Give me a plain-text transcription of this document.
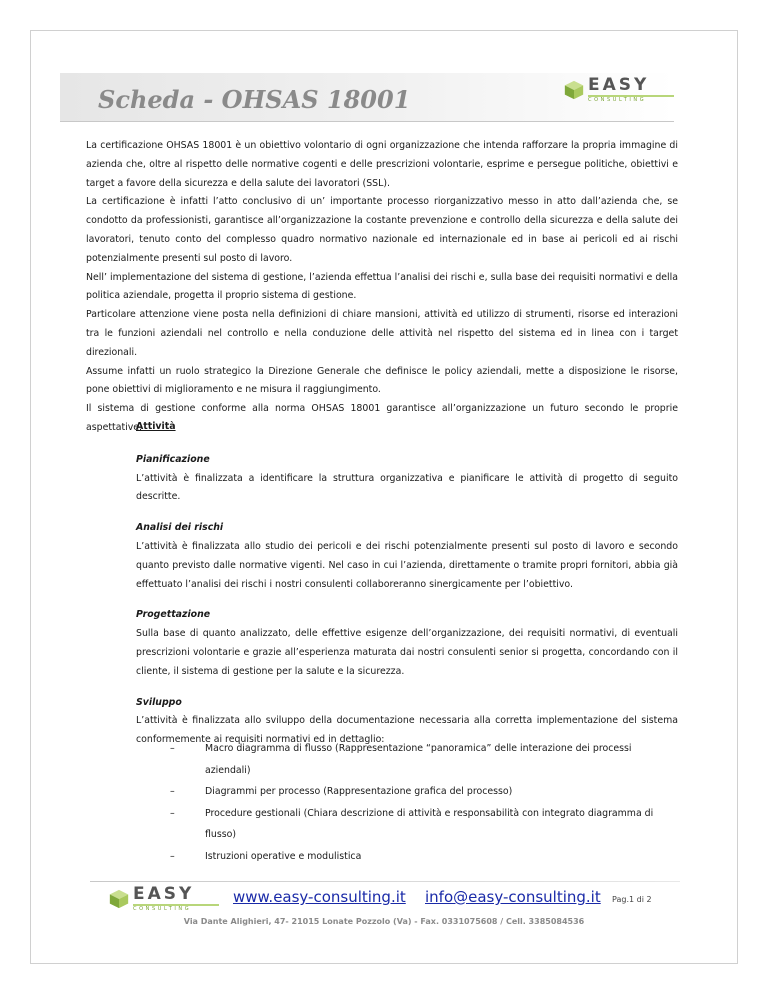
Scheda - OHSAS 18001	EASY
CONSULTING

La certificazione OHSAS 18001 è un obiettivo volontario di ogni organizzazione che intenda rafforzare la propria immagine di azienda che, oltre al rispetto delle normative cogenti e delle prescrizioni volontarie, esprime e persegue politiche, obiettivi e target a favore della sicurezza e della salute dei lavoratori (SSL).

La certificazione è infatti l’atto conclusivo di un’ importante processo riorganizzativo messo in atto dall’azienda che, se condotto da professionisti, garantisce all’organizzazione la costante prevenzione e controllo della sicurezza e della salute dei lavoratori, tenuto conto del complesso quadro normativo nazionale ed internazionale ed in base ai pericoli ed ai rischi potenzialmente presenti sul posto di lavoro.

Nell’ implementazione del sistema di gestione, l’azienda effettua l’analisi dei rischi e, sulla base dei requisiti normativi e della politica aziendale, progetta il proprio sistema di gestione.

Particolare attenzione viene posta nella definizioni di chiare mansioni, attività ed utilizzo di strumenti, risorse ed interazioni tra le funzioni aziendali nel controllo e nella conduzione delle attività nel rispetto del sistema ed in linea con i target direzionali.

Assume infatti un ruolo strategico la Direzione Generale che definisce le policy aziendali, mette a disposizione le risorse, pone obiettivi di miglioramento e ne misura il raggiungimento.

Il sistema di gestione conforme alla norma OHSAS 18001 garantisce all’organizzazione un futuro secondo le proprie aspettative.

Attività

Pianificazione

L’attività è finalizzata a identificare la struttura organizzativa e pianificare le attività di progetto di seguito descritte.

Analisi dei rischi

L’attività è finalizzata allo studio dei pericoli e dei rischi potenzialmente presenti sul posto di lavoro e secondo quanto previsto dalle normative vigenti. Nel caso in cui l’azienda, direttamente o tramite propri fornitori, abbia già effettuato l’analisi dei rischi i nostri consulenti collaboreranno sinergicamente per l’obiettivo.

Progettazione

Sulla base di quanto analizzato, delle effettive esigenze dell’organizzazione, dei requisiti normativi, di eventuali prescrizioni volontarie e grazie all’esperienza maturata dai nostri consulenti senior si progetta, concordando con il cliente, il sistema di gestione per la salute e la sicurezza.

Sviluppo

L’attività è finalizzata allo sviluppo della documentazione necessaria alla corretta implementazione del sistema conformemente ai requisiti normativi ed in dettaglio:

–	Macro diagramma di flusso (Rappresentazione “panoramica” delle interazione dei processi aziendali)
–	Diagrammi per processo (Rappresentazione grafica del processo)
–	Procedure gestionali (Chiara descrizione di attività e responsabilità con integrato diagramma di flusso)
–	Istruzioni operative e modulistica
EASY
CONSULTING
www.easy-consulting.it info@easy-consulting.it Pag.1 di 2
Via Dante Alighieri, 47- 21015 Lonate Pozzolo (Va) - Fax. 0331075608 / Cell. 3385084536
